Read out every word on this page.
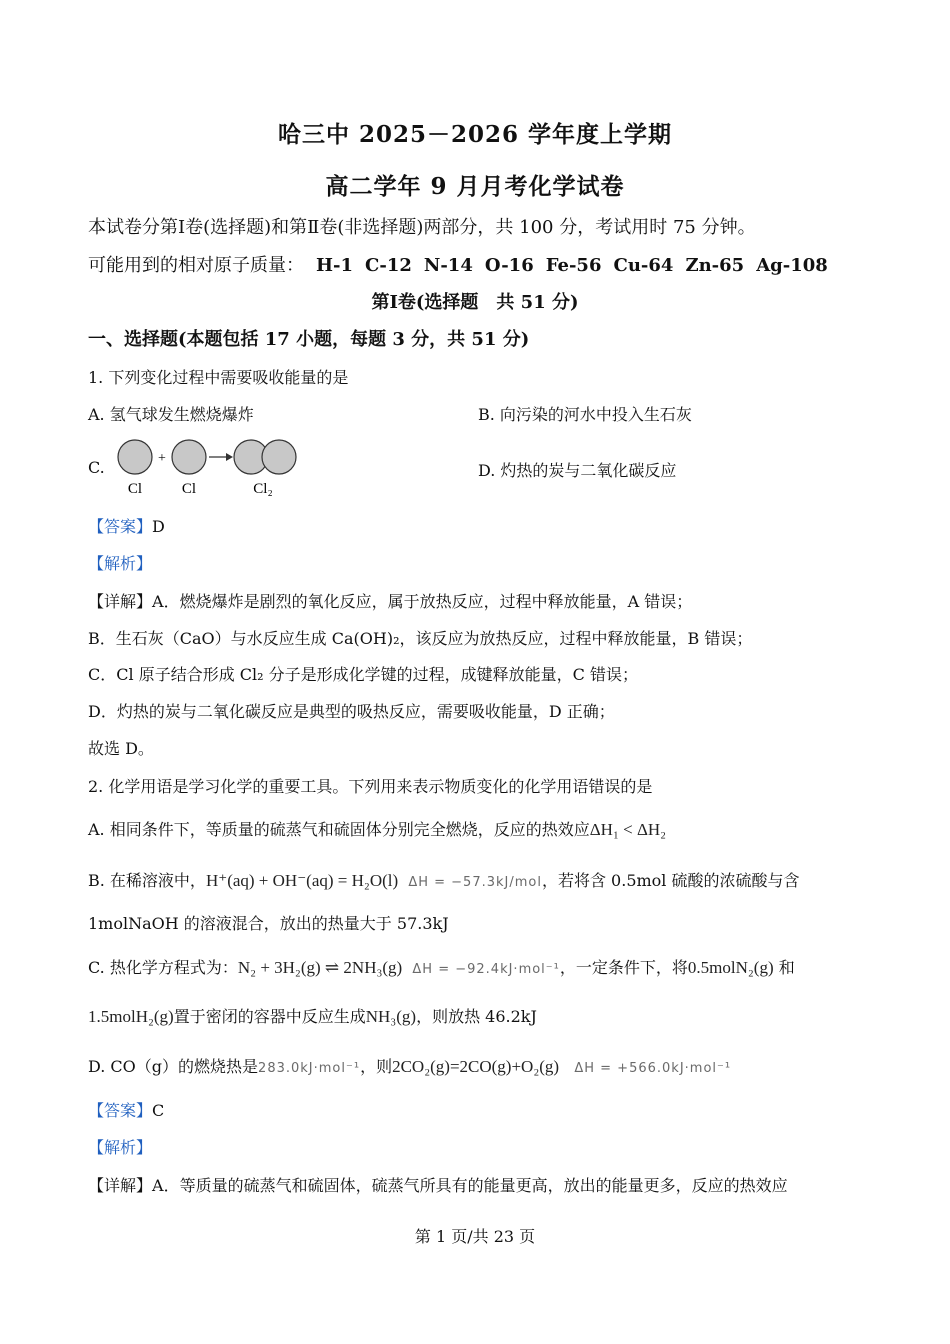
哈三中 2025－2026 学年度上学期
高二学年 9 月月考化学试卷
本试卷分第Ⅰ卷(选择题)和第Ⅱ卷(非选择题)两部分，共 100 分，考试用时 75 分钟。
可能用到的相对原子质量： H-1 C-12 N-14 O-16 Fe-56 Cu-64 Zn-65 Ag-108
第Ⅰ卷(选择题　共 51 分)
一、选择题(本题包括 17 小题，每题 3 分，共 51 分)
1. 下列变化过程中需要吸收能量的是
A. 氢气球发生燃烧爆炸	B. 向污染的河水中投入生石灰
C.	+
Cl	Cl	Cl₂
D. 灼热的炭与二氧化碳反应
【答案】D
【解析】
【详解】A．燃烧爆炸是剧烈的氧化反应，属于放热反应，过程中释放能量，A 错误；
B．生石灰（CaO）与水反应生成 Ca(OH)₂，该反应为放热反应，过程中释放能量，B 错误；
C．Cl 原子结合形成 Cl₂ 分子是形成化学键的过程，成键释放能量，C 错误；
D．灼热的炭与二氧化碳反应是典型的吸热反应，需要吸收能量，D 正确；
故选 D。
2. 化学用语是学习化学的重要工具。下列用来表示物质变化的化学用语错误的是
A. 相同条件下，等质量的硫蒸气和硫固体分别完全燃烧，反应的热效应ΔH₁ < ΔH₂
B. 在稀溶液中，H⁺(aq) + OH⁻(aq) = H₂O(l) ΔH = −57.3kJ/mol，若将含 0.5mol 硫酸的浓硫酸与含
1molNaOH 的溶液混合，放出的热量大于 57.3kJ
C. 热化学方程式为：N₂ + 3H₂(g) ⇌ 2NH₃(g) ΔH = −92.4kJ·mol⁻¹，一定条件下，将0.5molN₂(g) 和
1.5molH₂(g)置于密闭的容器中反应生成NH₃(g)，则放热 46.2kJ
D. CO（g）的燃烧热是283.0kJ·mol⁻¹，则2CO₂(g)=2CO(g)+O₂(g) ΔH = +566.0kJ·mol⁻¹
【答案】C
【解析】
【详解】A．等质量的硫蒸气和硫固体，硫蒸气所具有的能量更高，放出的能量更多，反应的热效应
第 1 页/共 23 页
